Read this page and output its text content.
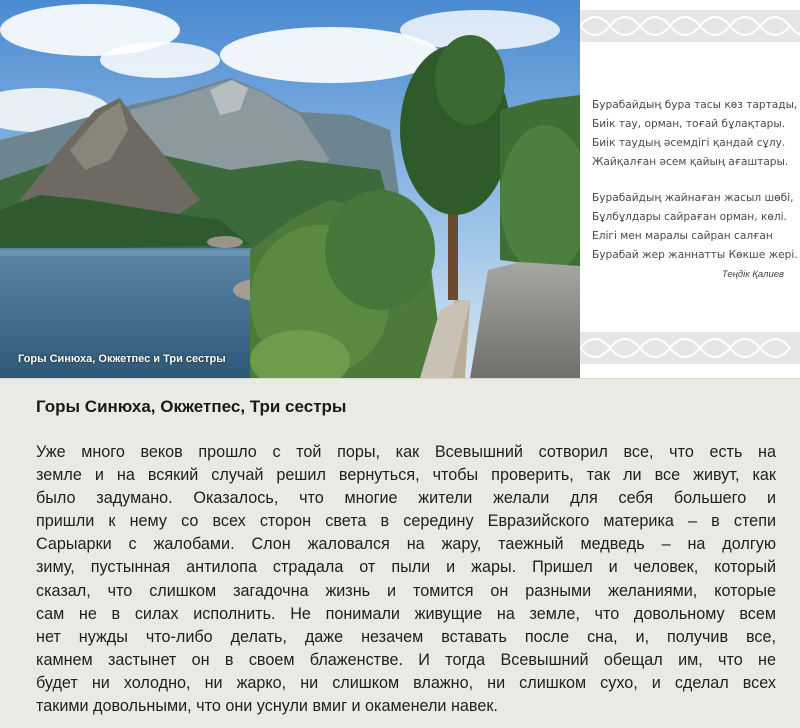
Горы Синюха, Окжетпес и Три сестры
Бурабайдың бура тасы көз тартады,
Биік тау, орман, тоғай бұлақтары.
Биік таудың әсемдігі қандай сұлу.
Жайқалған әсем қайың ағаштары.
Бурабайдың жайнаған жасыл шөбі,
Бұлбұлдары сайраған орман, көлі.
Елігі мен маралы сайран салған
Бурабай жер жаннатты Көкше жері.
Теңдік Қалиев
Горы Синюха, Окжетпес, Три сестры
Уже много веков прошло с той поры, как Всевышний сотворил все, что есть на
земле и на всякий случай решил вернуться, чтобы проверить, так ли все живут, как
было задумано. Оказалось, что многие жители желали для себя большего и
пришли к нему со всех сторон света в середину Евразийского материка – в степи
Сарыарки с жалобами. Слон жаловался на жару, таежный медведь – на долгую
зиму, пустынная антилопа страдала от пыли и жары. Пришел и человек, который
сказал, что слишком загадочна жизнь и томится он разными желаниями, которые
сам не в силах исполнить. Не понимали живущие на земле, что довольному всем
нет нужды что-либо делать, даже незачем вставать после сна, и, получив все,
камнем застынет он в своем блаженстве. И тогда Всевышний обещал им, что не
будет ни холодно, ни жарко, ни слишком влажно, ни слишком сухо, и сделал всех
такими довольными, что они уснули вмиг и окаменели навек.
